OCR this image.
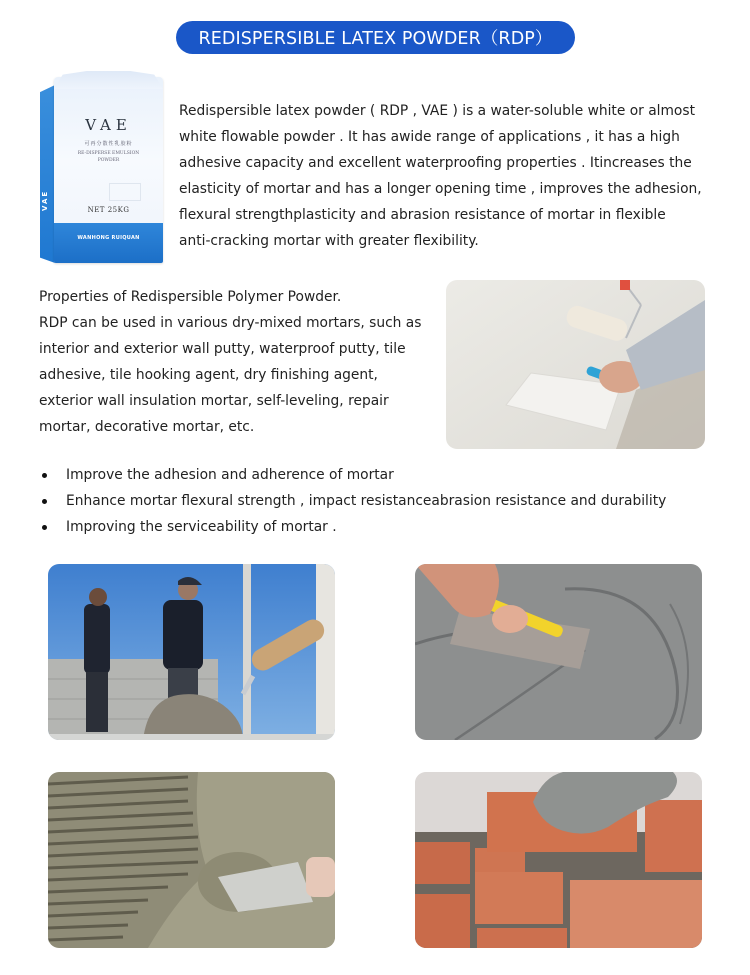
REDISPERSIBLE LATEX POWDER（RDP）
VAE
VAE
可再分散性乳胶粉
RE-DISPERSE EMULSION
POWDER
NET 25KG
WANHONG RUIQUAN

Redispersible latex powder ( RDP , VAE ) is a water-soluble white or almost

white flowable powder . It has awide range of applications , it has a high

adhesive capacity and excellent waterproofing properties . Itincreases the

elasticity of mortar and has a longer opening time , improves the adhesion,

flexural strengthplasticity and abrasion resistance of mortar in flexible

anti-cracking mortar with greater flexibility.

Properties of Redispersible Polymer Powder.

RDP can be used in various dry-mixed mortars, such as

interior and exterior wall putty, waterproof putty, tile

adhesive, tile hooking agent, dry finishing agent,

exterior wall insulation mortar, self-leveling, repair

mortar, decorative mortar, etc.

Improve the adhesion and adherence of mortar
Enhance mortar flexural strength , impact resistanceabrasion resistance and durability
Improving the serviceability of mortar .
